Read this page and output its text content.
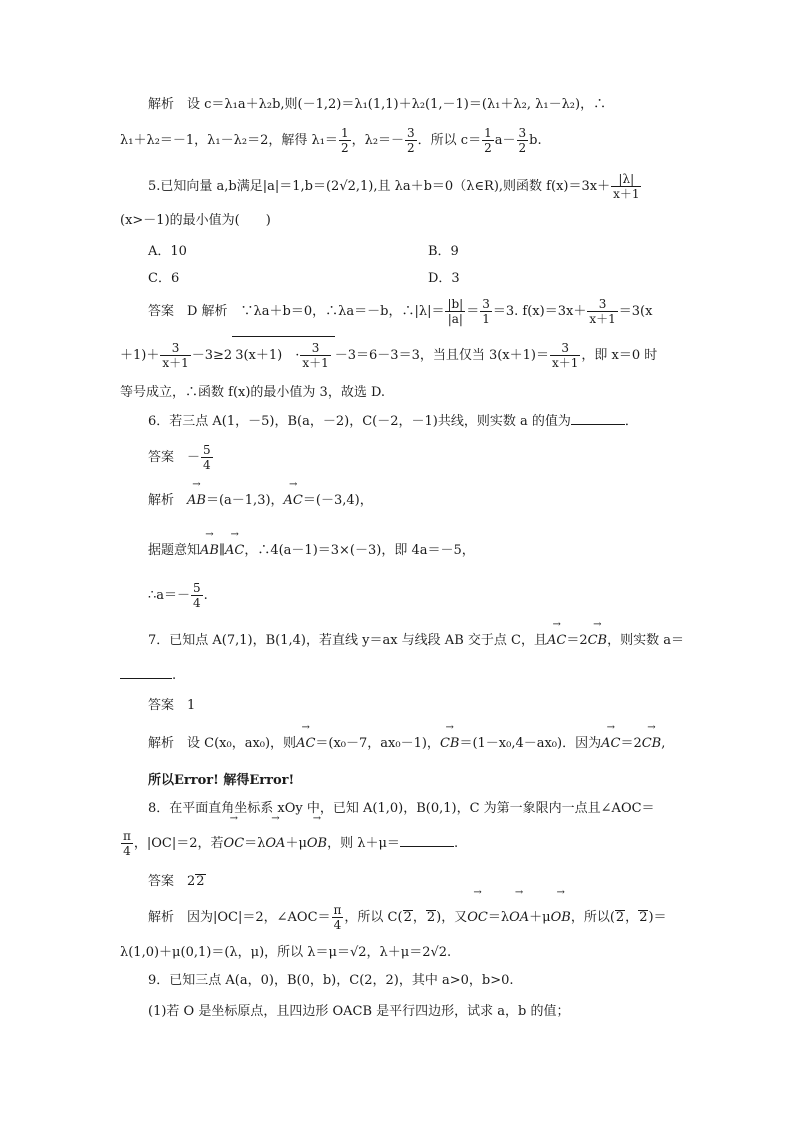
解析　设 c＝λ₁a＋λ₂b,则(－1,2)＝λ₁(1,1)＋λ₂(1,－1)＝(λ₁＋λ₂, λ₁－λ₂)，∴
λ₁＋λ₂＝－1，λ₁－λ₂＝2，解得 $\lambda_1= \frac{1}{2}$ ，$\lambda_2=- \frac{3}{2}$ ．所以 $c= \frac{1}{2} a- \frac{3}{2} b$.
5.已知向量 a,b满足|a|＝1,b＝(2√2,1),且 λa＋b＝0（λ∈R),则函数 $f(x)=3x+ \frac{|\lambda|}{x+1}$
(x>－1)的最小值为(　　)
A．10	B．9
C．6	D．3
答案　D 解析　∵λa＋b＝0，∴λa＝－b，∴|λ|＝ $\frac{|b|}{|a|} = \frac{3}{1} =3$. $f(x)=3x+ \frac{3}{x+1} =3(x$
$+1)+ \frac{3}{x+1} -3\ge 2$ 3(x＋1)　· $\frac{3}{x+1} -3=6-3=3$，当且仅当 $3(x+1)= \frac{3}{x+1}$ ，即 x＝0 时
等号成立，∴函数 f(x)的最小值为 3，故选 D.
6．若三点 A(1，－5)，B(a，－2)，C(－2，－1)共线，则实数 a 的值为	．
答案　－ $\frac{5}{4}$
解析　→ AB＝(a－1,3)，→ AC＝(－3,4)，
据题意知→ AB∥→ AC，∴4(a－1)＝3×(－3)，即 4a＝－5，
∴a＝－ $\frac{5}{4}$ .
7．已知点 A(7,1)，B(1,4)，若直线 y＝ax 与线段 AB 交于点 C，且→ AC＝2→ CB，则实数 a＝
.
答案　1
解析　设 C(x₀，ax₀)，则→ AC＝(x₀－7，ax₀－1)，→ CB＝(1－x₀,4－ax₀)．因为→ AC＝2→ CB,
所以Error! 解得Error!
8．在平面直角坐标系 xOy 中，已知 A(1,0)，B(0,1)，C 为第一象限内一点且∠AOC＝
$\frac{\pi}{4}$ ，|OC|＝2，若→ OC＝λ→ OA＋μ→ OB，则 λ＋μ＝	.
答案　22
解析　因为|OC|＝2，∠AOC＝ $\frac{\pi}{4}$ ，所以 C(2，2)，又→ OC＝λ→ OA＋μ→ OB，所以(2，2)＝
λ(1,0)＋μ(0,1)＝(λ，μ)，所以 λ＝μ＝√2，λ＋μ＝2√2.
9．已知三点 A(a，0)，B(0，b)，C(2，2)，其中 a>0，b>0.
(1)若 O 是坐标原点，且四边形 OACB 是平行四边形，试求 a，b 的值；
